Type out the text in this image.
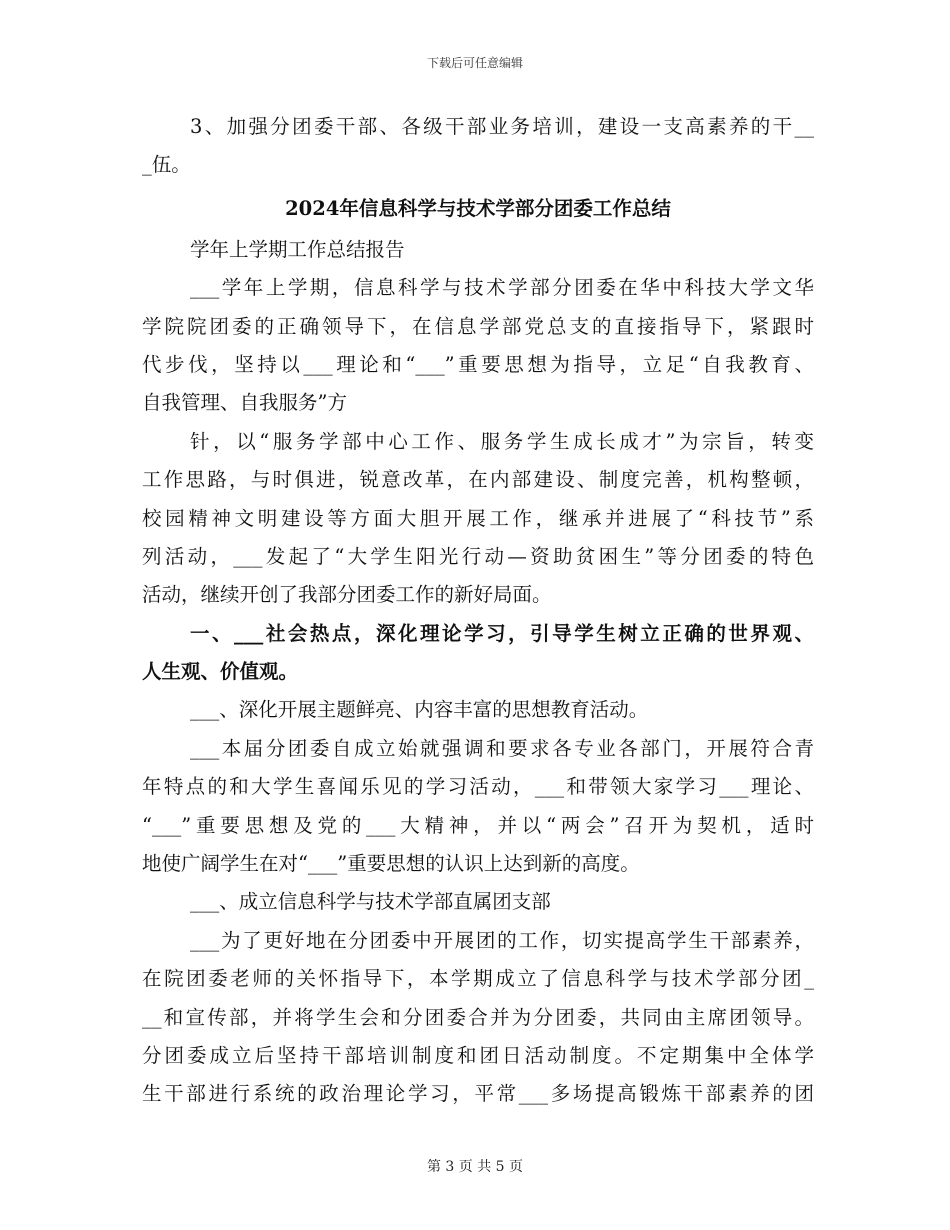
下载后可任意编辑
3、加强分团委干部、各级干部业务培训，建设一支高素养的干__
_伍。
2024年信息科学与技术学部分团委工作总结
学年上学期工作总结报告
___学年上学期，信息科学与技术学部分团委在华中科技大学文华
学院院团委的正确领导下，在信息学部党总支的直接指导下，紧跟时
代步伐，坚持以___理论和“___”重要思想为指导，立足“自我教育、
自我管理、自我服务”方
针，以“服务学部中心工作、服务学生成长成才”为宗旨，转变
工作思路，与时俱进，锐意改革，在内部建设、制度完善，机构整顿，
校园精神文明建设等方面大胆开展工作，继承并进展了“科技节”系
列活动，___发起了“大学生阳光行动—资助贫困生”等分团委的特色
活动，继续开创了我部分团委工作的新好局面。
一、___社会热点，深化理论学习，引导学生树立正确的世界观、
人生观、价值观。
___、深化开展主题鲜亮、内容丰富的思想教育活动。
___本届分团委自成立始就强调和要求各专业各部门，开展符合青
年特点的和大学生喜闻乐见的学习活动，___和带领大家学习___理论、
“___”重要思想及党的___大精神，并以“两会”召开为契机，适时
地使广阔学生在对“___”重要思想的认识上达到新的高度。
___、成立信息科学与技术学部直属团支部
___为了更好地在分团委中开展团的工作，切实提高学生干部素养，
在院团委老师的关怀指导下，本学期成立了信息科学与技术学部分团_
__和宣传部，并将学生会和分团委合并为分团委，共同由主席团领导。
分团委成立后坚持干部培训制度和团日活动制度。不定期集中全体学
生干部进行系统的政治理论学习，平常___多场提高锻炼干部素养的团
第 3 页 共 5 页
